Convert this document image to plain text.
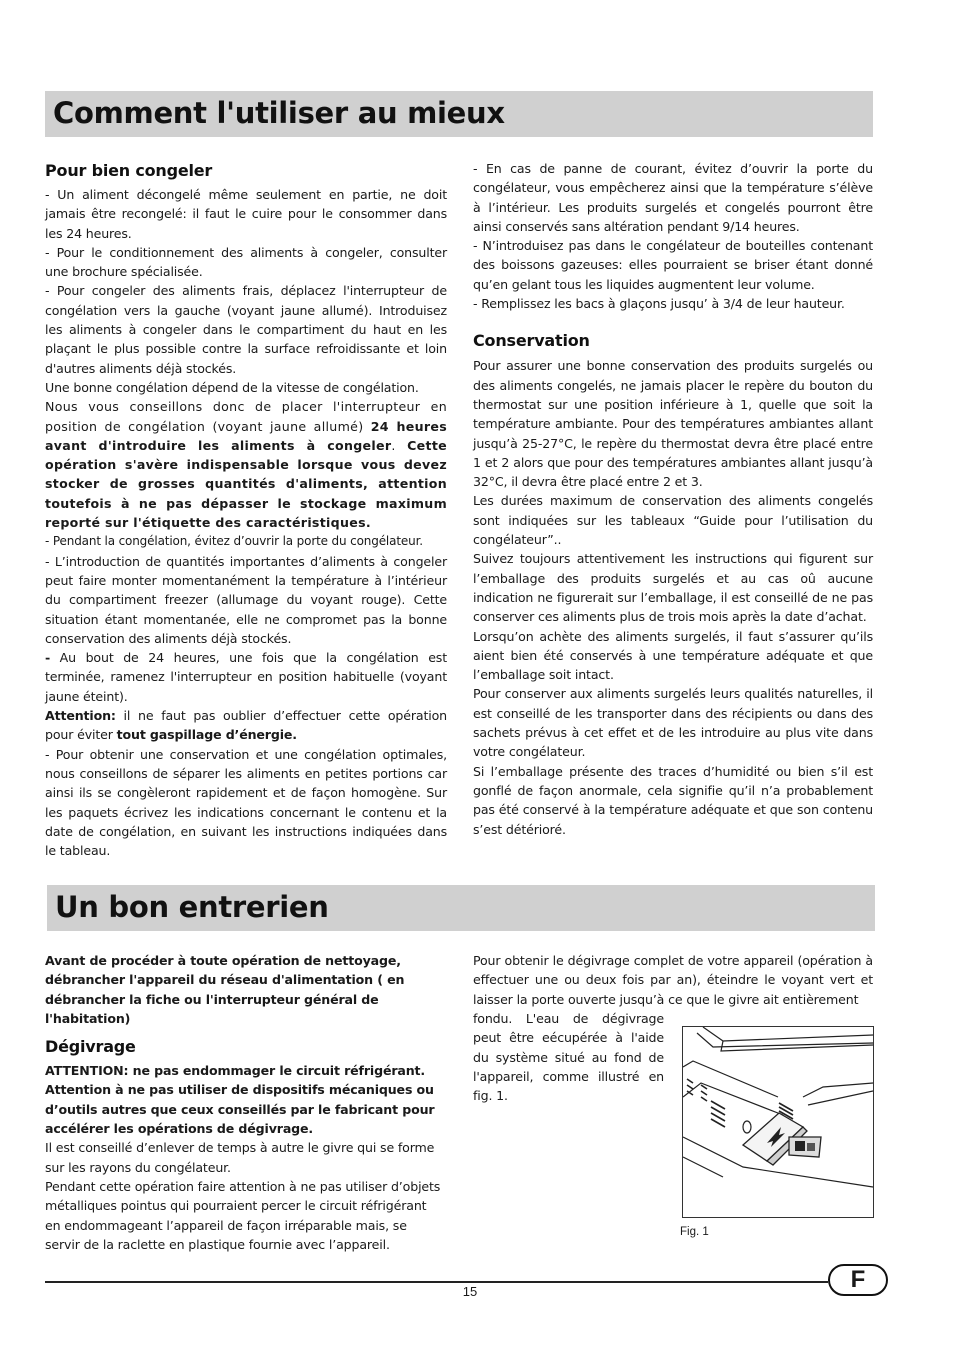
Comment l'utiliser au mieux
Pour bien congeler

- Un aliment décongelé même seulement en partie, ne doit jamais être recongelé: il faut le cuire pour le consommer dans les 24 heures.

- Pour le conditionnement des aliments à congeler, consulter une brochure spécialisée.

- Pour congeler des aliments frais, déplacez l'interrupteur de congélation vers la gauche (voyant jaune allumé). Introduisez les aliments à congeler dans le compartiment du haut en les plaçant le plus possible contre la surface refroidissante et loin d'autres aliments déjà stockés.

Une bonne congélation dépend de la vitesse de congélation.

Nous vous conseillons donc de placer l'interrupteur en position de congélation (voyant jaune allumé) 24 heures avant d'introduire les aliments à congeler. Cette opération s'avère indispensable lorsque vous devez stocker de grosses quantités d'aliments, attention toutefois à ne pas dépasser le stockage maximum reporté sur l'étiquette des caractéristiques.

- Pendant la congélation, évitez d’ouvrir la porte du congélateur.

- L’introduction de quantités importantes d’aliments à congeler peut faire monter momentanément la température à l’intérieur du compartiment freezer (allumage du voyant rouge). Cette situation étant momentanée, elle ne compromet pas la bonne conservation des aliments déjà stockés.

- Au bout de 24 heures, une fois que la congélation est terminée, ramenez l'interrupteur en position habituelle (voyant jaune éteint).

Attention: il ne faut pas oublier d’effectuer cette opération pour éviter tout gaspillage d’énergie.

- Pour obtenir une conservation et une congélation optimales, nous conseillons de séparer les aliments en petites portions car ainsi ils se congèleront rapidement et de façon homogène. Sur les paquets écrivez les indications concernant le contenu et la date de congélation, en suivant les instructions indiquées dans le tableau.

- En cas de panne de courant, évitez d’ouvrir la porte du congélateur, vous empêcherez ainsi que la température s’élève à l’intérieur. Les produits surgelés et congelés pourront être ainsi conservés sans altération pendant 9/14 heures.

- N’introduisez pas dans le congélateur de bouteilles contenant des boissons gazeuses: elles pourraient se briser étant donné qu’en gelant tous les liquides augmentent leur volume.

- Remplissez les bacs à glaçons jusqu’ à 3/4 de leur hauteur.

Conservation

Pour assurer une bonne conservation des produits surgelés ou des aliments congelés, ne jamais placer le repère du bouton du thermostat sur une position inférieure à 1, quelle que soit la température ambiante. Pour des températures ambiantes allant jusqu’à 25-27°C, le repère du thermostat devra être placé entre 1 et 2 alors que pour des températures ambiantes allant jusqu’à 32°C, il devra être placé entre 2 et 3.

Les durées maximum de conservation des aliments congelés sont indiquées sur les tableaux “Guide pour l’utilisation du congélateur”..

Suivez toujours attentivement les instructions qui figurent sur l’emballage des produits surgelés et au cas oû aucune indication ne figurerait sur l’emballage, il est conseillé de ne pas conserver ces aliments plus de trois mois après la date d’achat.

Lorsqu’on achète des aliments surgelés, il faut s’assurer qu’ils aient bien été conservés à une température adéquate et que l’emballage soit intact.

Pour conserver aux aliments surgelés leurs qualités naturelles, il est conseillé de les transporter dans des récipients ou dans des sachets prévus à cet effet et de les introduire au plus vite dans votre congélateur.

Si l’emballage présente des traces d’humidité ou bien s’il est gonflé de façon anormale, cela signifie qu’il n’a probablement pas été conservé à la température adéquate et que son contenu s’est détérioré.

Un bon entrerien

Avant de procéder à toute opération de nettoyage, débrancher l'appareil du réseau d'alimentation ( en débrancher la fiche ou l'interrupteur général de l'habitation)

Dégivrage

ATTENTION: ne pas endommager le circuit réfrigérant. Attention à ne pas utiliser de dispositifs mécaniques ou d’outils autres que ceux conseillés par le fabricant pour accélérer les opérations de dégivrage.

Il est conseillé d’enlever de temps à autre le givre qui se forme sur les rayons du congélateur.

Pendant cette opération faire attention à ne pas utiliser d’objets métalliques pointus qui pourraient percer le circuit réfrigérant en endommageant l’appareil de façon irréparable mais, se servir de la raclette en plastique fournie avec l’appareil.

Pour obtenir le dégivrage complet de votre appareil (opération à effectuer une ou deux fois par an), éteindre le voyant vert et laisser la porte ouverte jusqu’à ce que le givre ait entièrement

fondu. L'eau de dégivrage peut être eécupérée à l'aide du système situé au fond de l'appareil, comme illustré en fig. 1.

Fig. 1
15	F
